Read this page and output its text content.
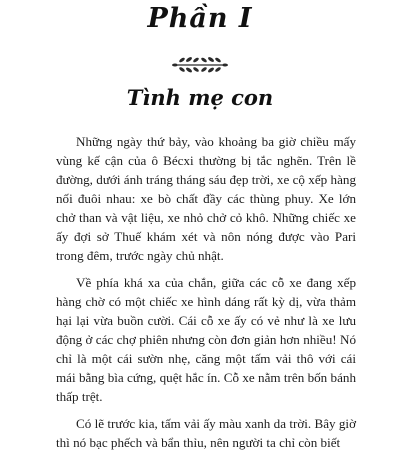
Phần I
Tình mẹ con

Những ngày thứ bảy, vào khoảng ba giờ chiều mấy vùng kế cận của ô Bécxi thường bị tắc nghẽn. Trên lề đường, dưới ánh tráng tháng sáu đẹp trời, xe cộ xếp hàng nối đuôi nhau: xe bò chất đầy các thùng phuy. Xe lớn chở than và vật liệu, xe nhỏ chở cỏ khô. Những chiếc xe ấy đợi sở Thuế khám xét và nôn nóng được vào Pari trong đêm, trước ngày chủ nhật.

Về phía khá xa của chắn, giữa các cỗ xe đang xếp hàng chờ có một chiếc xe hình dáng rất kỳ dị, vừa thảm hại lại vừa buồn cười. Cái cỗ xe ấy có vẻ như là xe lưu động ở các chợ phiên nhưng còn đơn giản hơn nhiều! Nó chỉ là một cái sườn nhẹ, căng một tấm vải thô với cái mái bằng bìa cứng, quệt hắc ín. Cỗ xe nằm trên bốn bánh thấp trệt.

Có lẽ trước kia, tấm vải ấy màu xanh da trời. Bây giờ thì nó bạc phếch và bẩn thỉu, nên người ta chỉ còn biết
